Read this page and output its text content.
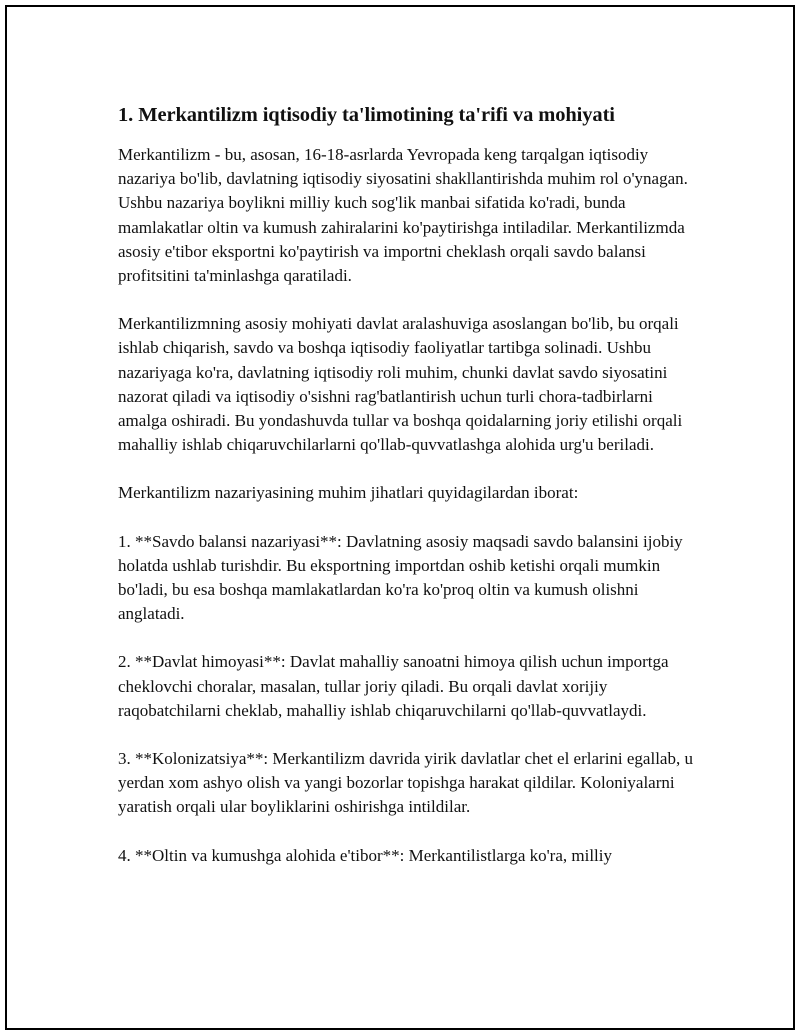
1. Merkantilizm iqtisodiy ta'limotining ta'rifi va mohiyati

Merkantilizm - bu, asosan, 16-18-asrlarda Yevropada keng tarqalgan iqtisodiy nazariya bo'lib, davlatning iqtisodiy siyosatini shakllantirishda muhim rol o'ynagan. Ushbu nazariya boylikni milliy kuch sog'lik manbai sifatida ko'radi, bunda mamlakatlar oltin va kumush zahiralarini ko'paytirishga intiladilar. Merkantilizmda asosiy e'tibor eksportni ko'paytirish va importni cheklash orqali savdo balansi profitsitini ta'minlashga qaratiladi.

Merkantilizmning asosiy mohiyati davlat aralashuviga asoslangan bo'lib, bu orqali ishlab chiqarish, savdo va boshqa iqtisodiy faoliyatlar tartibga solinadi. Ushbu nazariyaga ko'ra, davlatning iqtisodiy roli muhim, chunki davlat savdo siyosatini nazorat qiladi va iqtisodiy o'sishni rag'batlantirish uchun turli chora-tadbirlarni amalga oshiradi. Bu yondashuvda tullar va boshqa qoidalarning joriy etilishi orqali mahalliy ishlab chiqaruvchilarlarni qo'llab-quvvatlashga alohida urg'u beriladi.

Merkantilizm nazariyasining muhim jihatlari quyidagilardan iborat:

1. **Savdo balansi nazariyasi**: Davlatning asosiy maqsadi savdo balansini ijobiy holatda ushlab turishdir. Bu eksportning importdan oshib ketishi orqali mumkin bo'ladi, bu esa boshqa mamlakatlardan ko'ra ko'proq oltin va kumush olishni anglatadi.

2. **Davlat himoyasi**: Davlat mahalliy sanoatni himoya qilish uchun importga cheklovchi choralar, masalan, tullar joriy qiladi. Bu orqali davlat xorijiy raqobatchilarni cheklab, mahalliy ishlab chiqaruvchilarni qo'llab-quvvatlaydi.

3. **Kolonizatsiya**: Merkantilizm davrida yirik davlatlar chet el erlarini egallab, u yerdan xom ashyo olish va yangi bozorlar topishga harakat qildilar. Koloniyalarni yaratish orqali ular boyliklarini oshirishga intildilar.

4. **Oltin va kumushga alohida e'tibor**: Merkantilistlarga ko'ra, milliy
